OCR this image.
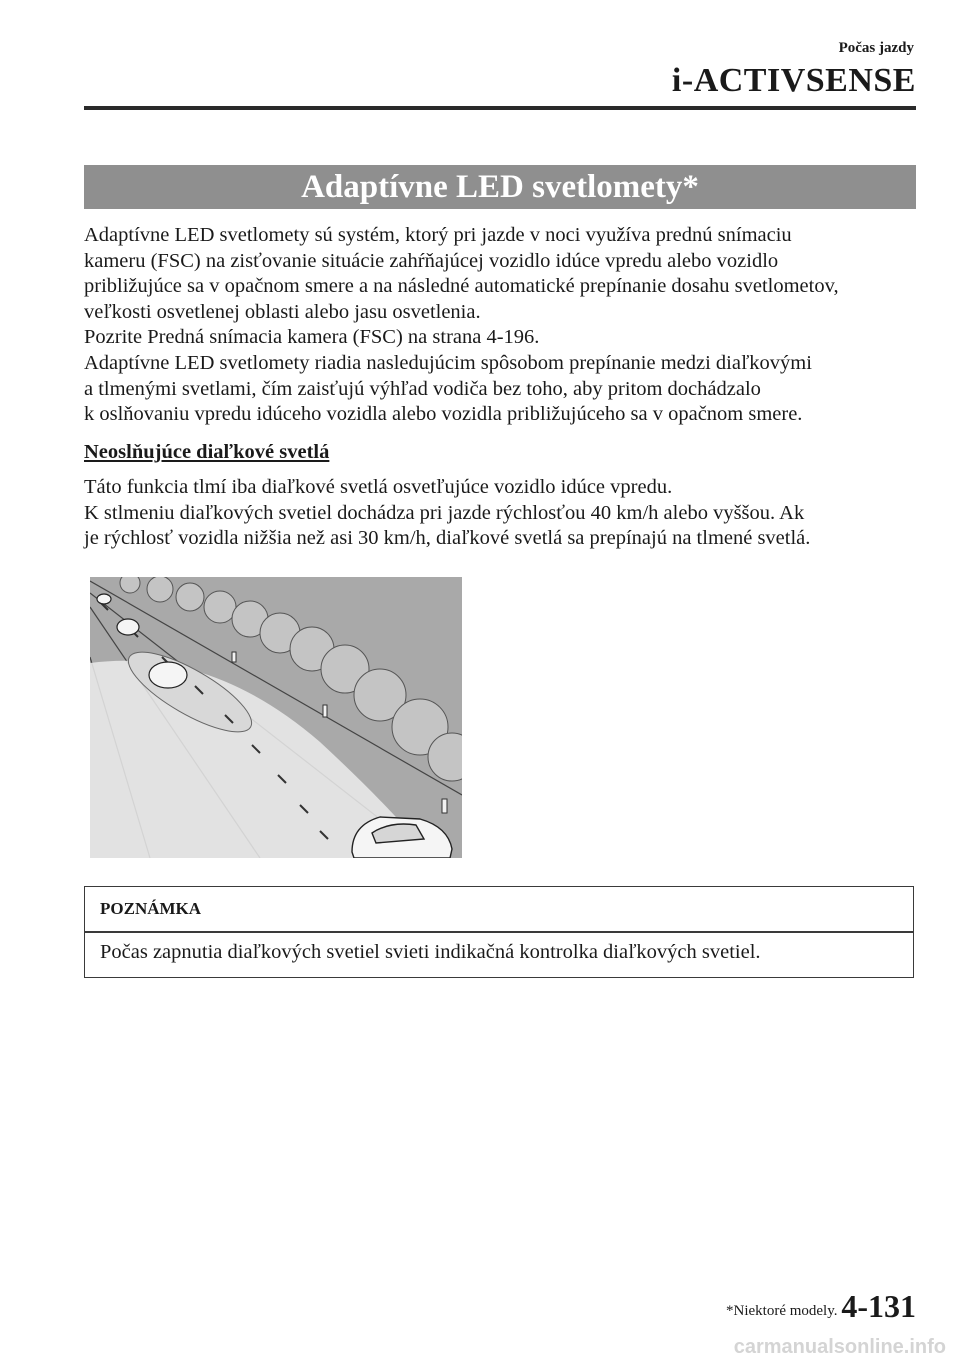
Počas jazdy
i-ACTIVSENSE
Adaptívne LED svetlomety*

Adaptívne LED svetlomety sú systém, ktorý pri jazde v noci využíva prednú snímaciu

kameru (FSC) na zisťovanie situácie zahŕňajúcej vozidlo idúce vpredu alebo vozidlo

približujúce sa v opačnom smere a na následné automatické prepínanie dosahu svetlometov,

veľkosti osvetlenej oblasti alebo jasu osvetlenia.

Pozrite Predná snímacia kamera (FSC) na strana 4-196.

Adaptívne LED svetlomety riadia nasledujúcim spôsobom prepínanie medzi diaľkovými

a tlmenými svetlami, čím zaisťujú výhľad vodiča bez toho, aby pritom dochádzalo

k oslňovaniu vpredu idúceho vozidla alebo vozidla približujúceho sa v opačnom smere.

Neoslňujúce diaľkové svetlá

Táto funkcia tlmí iba diaľkové svetlá osvetľujúce vozidlo idúce vpredu.

K stlmeniu diaľkových svetiel dochádza pri jazde rýchlosťou 40 km/h alebo vyššou. Ak

je rýchlosť vozidla nižšia než asi 30 km/h, diaľkové svetlá sa prepínajú na tlmené svetlá.

POZNÁMKA
Počas zapnutia diaľkových svetiel svieti indikačná kontrolka diaľkových svetiel.
*Niektoré modely. 4-131
carmanualsonline.info
